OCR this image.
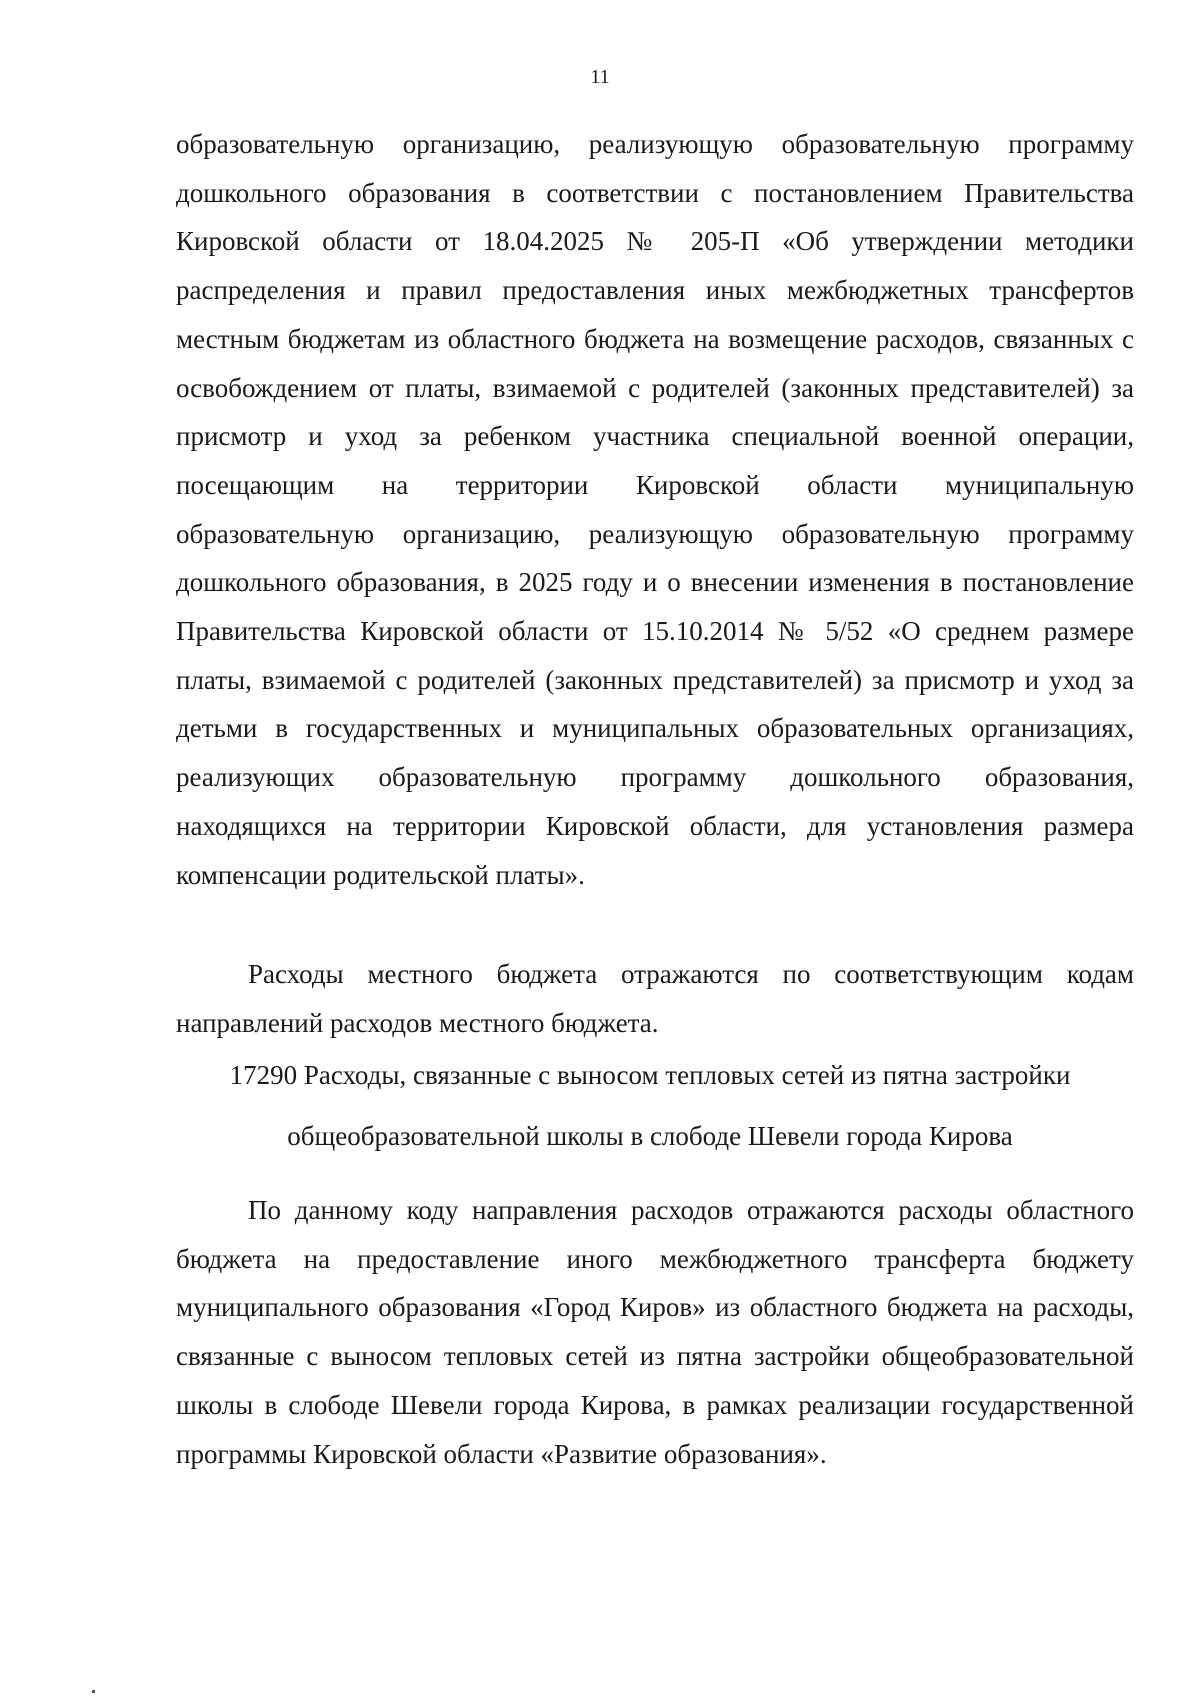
11

образовательную организацию, реализующую образовательную программу дошкольного образования в соответствии с постановлением Правительства Кировской области от 18.04.2025 № 205-П «Об утверждении методики распределения и правил предоставления иных межбюджетных трансфертов местным бюджетам из областного бюджета на возмещение расходов, связанных с освобождением от платы, взимаемой с родителей (законных представителей) за присмотр и уход за ребенком участника специальной военной операции, посещающим на территории Кировской области муниципальную образовательную организацию, реализующую образовательную программу дошкольного образования, в 2025 году и о внесении изменения в постановление Правительства Кировской области от 15.10.2014 № 5/52 «О среднем размере платы, взимаемой с родителей (законных представителей) за присмотр и уход за детьми в государственных и муниципальных образовательных организациях, реализующих образовательную программу дошкольного образования, находящихся на территории Кировской области, для установления размера компенсации родительской платы».

Расходы местного бюджета отражаются по соответствующим кодам направлений расходов местного бюджета.

17290 Расходы, связанные с выносом тепловых сетей из пятна застройки общеобразовательной школы в слободе Шевели города Кирова

По данному коду направления расходов отражаются расходы областного бюджета на предоставление иного межбюджетного трансферта бюджету муниципального образования «Город Киров» из областного бюджета на расходы, связанные с выносом тепловых сетей из пятна застройки общеобразовательной школы в слободе Шевели города Кирова, в рамках реализации государственной программы Кировской области «Развитие образования».
